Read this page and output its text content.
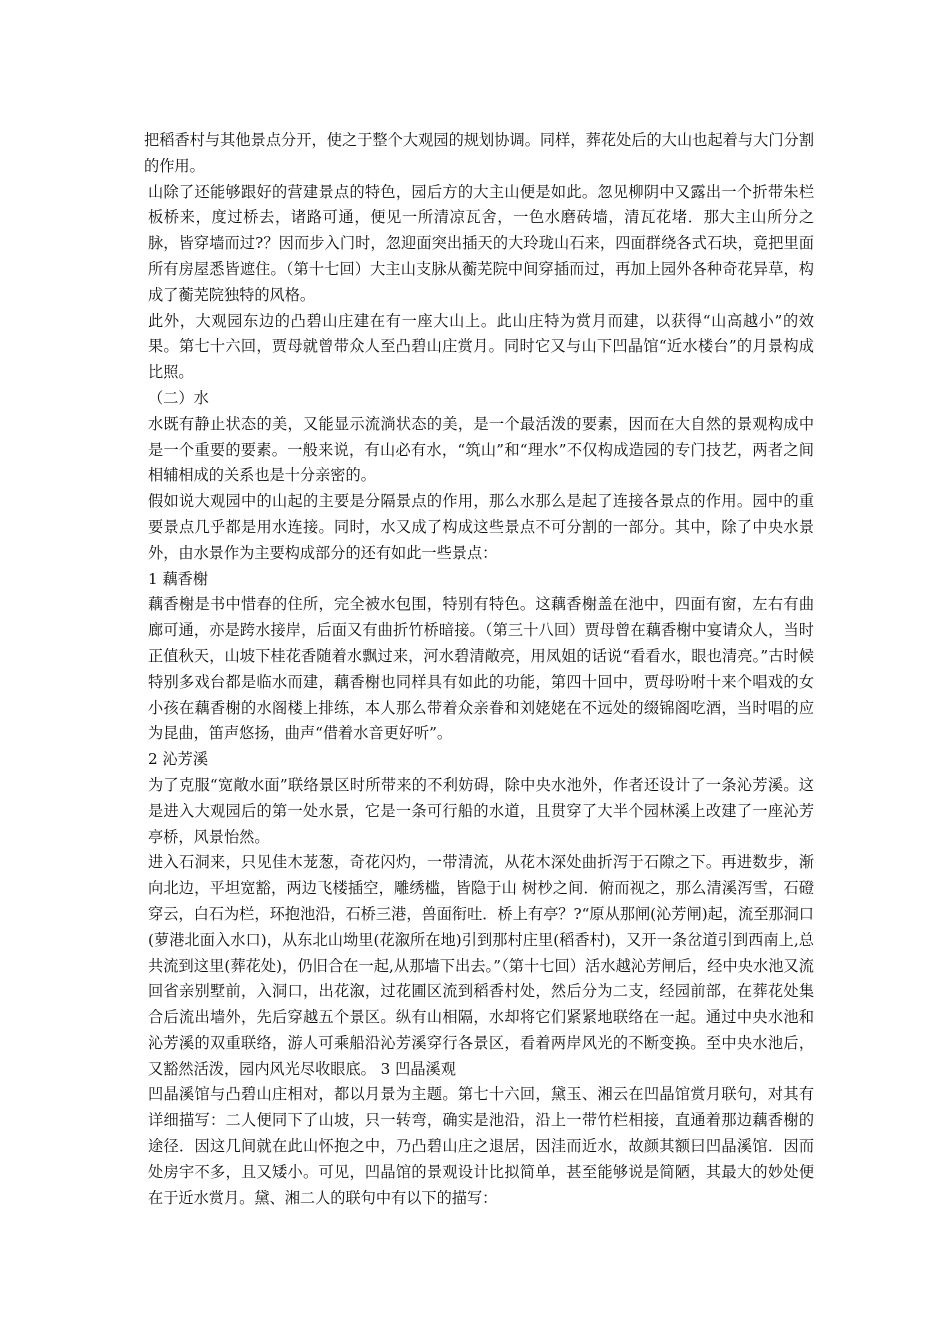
把稻香村与其他景点分开，使之于整个大观园的规划协调。同样，葬花处后的大山也起着与大门分割的作用。

山除了还能够跟好的营建景点的特色，园后方的大主山便是如此。忽见柳阴中又露出一个折带朱栏板桥来，度过桥去，诸路可通，便见一所清凉瓦舍，一色水磨砖墙，清瓦花堵．那大主山所分之脉，皆穿墙而过?？因而步入门时，忽迎面突出插天的大玲珑山石来，四面群绕各式石块，竟把里面所有房屋悉皆遮住。（第十七回）大主山支脉从蘅芜院中间穿插而过，再加上园外各种奇花异草，构成了蘅芜院独特的风格。

此外，大观园东边的凸碧山庄建在有一座大山上。此山庄特为赏月而建，以获得“山高越小”的效果。第七十六回，贾母就曾带众人至凸碧山庄赏月。同时它又与山下凹晶馆“近水楼台”的月景构成比照。

（二）水

水既有静止状态的美，又能显示流淌状态的美，是一个最活泼的要素，因而在大自然的景观构成中是一个重要的要素。一般来说，有山必有水，“筑山”和“理水”不仅构成造园的专门技艺，两者之间相辅相成的关系也是十分亲密的。

假如说大观园中的山起的主要是分隔景点的作用，那么水那么是起了连接各景点的作用。园中的重要景点几乎都是用水连接。同时，水又成了构成这些景点不可分割的一部分。其中，除了中央水景外，由水景作为主要构成部分的还有如此一些景点：

1 藕香榭

藕香榭是书中惜春的住所，完全被水包围，特别有特色。这藕香榭盖在池中，四面有窗，左右有曲廊可通，亦是跨水接岸，后面又有曲折竹桥暗接。（第三十八回）贾母曾在藕香榭中宴请众人，当时正值秋天，山坡下桂花香随着水飘过来，河水碧清敞亮，用凤姐的话说“看看水，眼也清亮。”古时候特别多戏台都是临水而建，藕香榭也同样具有如此的功能，第四十回中，贾母吩咐十来个唱戏的女小孩在藕香榭的水阁楼上排练，本人那么带着众亲眷和刘姥姥在不远处的缀锦阁吃酒，当时唱的应为昆曲，笛声悠扬，曲声“借着水音更好听”。

2 沁芳溪

为了克服“宽敞水面”联络景区时所带来的不利妨碍，除中央水池外，作者还设计了一条沁芳溪。这是进入大观园后的第一处水景，它是一条可行船的水道，且贯穿了大半个园林溪上改建了一座沁芳亭桥，风景怡然。

进入石洞来，只见佳木茏葱，奇花闪灼，一带清流，从花木深处曲折泻于石隙之下。再进数步，渐向北边，平坦宽豁，两边飞楼插空，雕绣槛，皆隐于山 树杪之间．俯而视之，那么清溪泻雪，石磴穿云，白石为栏，环抱池沿，石桥三港，兽面衔吐．桥上有亭？?“原从那闸(沁芳闸)起，流至那洞口(萝港北面入水口)，从东北山坳里(花溆所在地)引到那村庄里(稻香村)，又开一条岔道引到西南上,总共流到这里(葬花处)，仍旧合在一起,从那墙下出去。”（第十七回）活水越沁芳闸后，经中央水池又流回省亲别墅前，入洞口，出花溆，过花圃区流到稻香村处，然后分为二支，经园前部，在葬花处集合后流出墙外，先后穿越五个景区。纵有山相隔，水却将它们紧紧地联络在一起。通过中央水池和沁芳溪的双重联络，游人可乘船沿沁芳溪穿行各景区，看着两岸风光的不断变换。至中央水池后，又豁然活泼，园内风光尽收眼底。 3 凹晶溪观

凹晶溪馆与凸碧山庄相对，都以月景为主题。第七十六回，黛玉、湘云在凹晶馆赏月联句，对其有详细描写：二人便同下了山坡，只一转弯，确实是池沿，沿上一带竹栏相接，直通着那边藕香榭的途径．因这几间就在此山怀抱之中，乃凸碧山庄之退居，因洼而近水，故颜其额曰凹晶溪馆．因而处房宇不多，且又矮小。可见，凹晶馆的景观设计比拟简单，甚至能够说是简陋，其最大的妙处便在于近水赏月。黛、湘二人的联句中有以下的描写：
